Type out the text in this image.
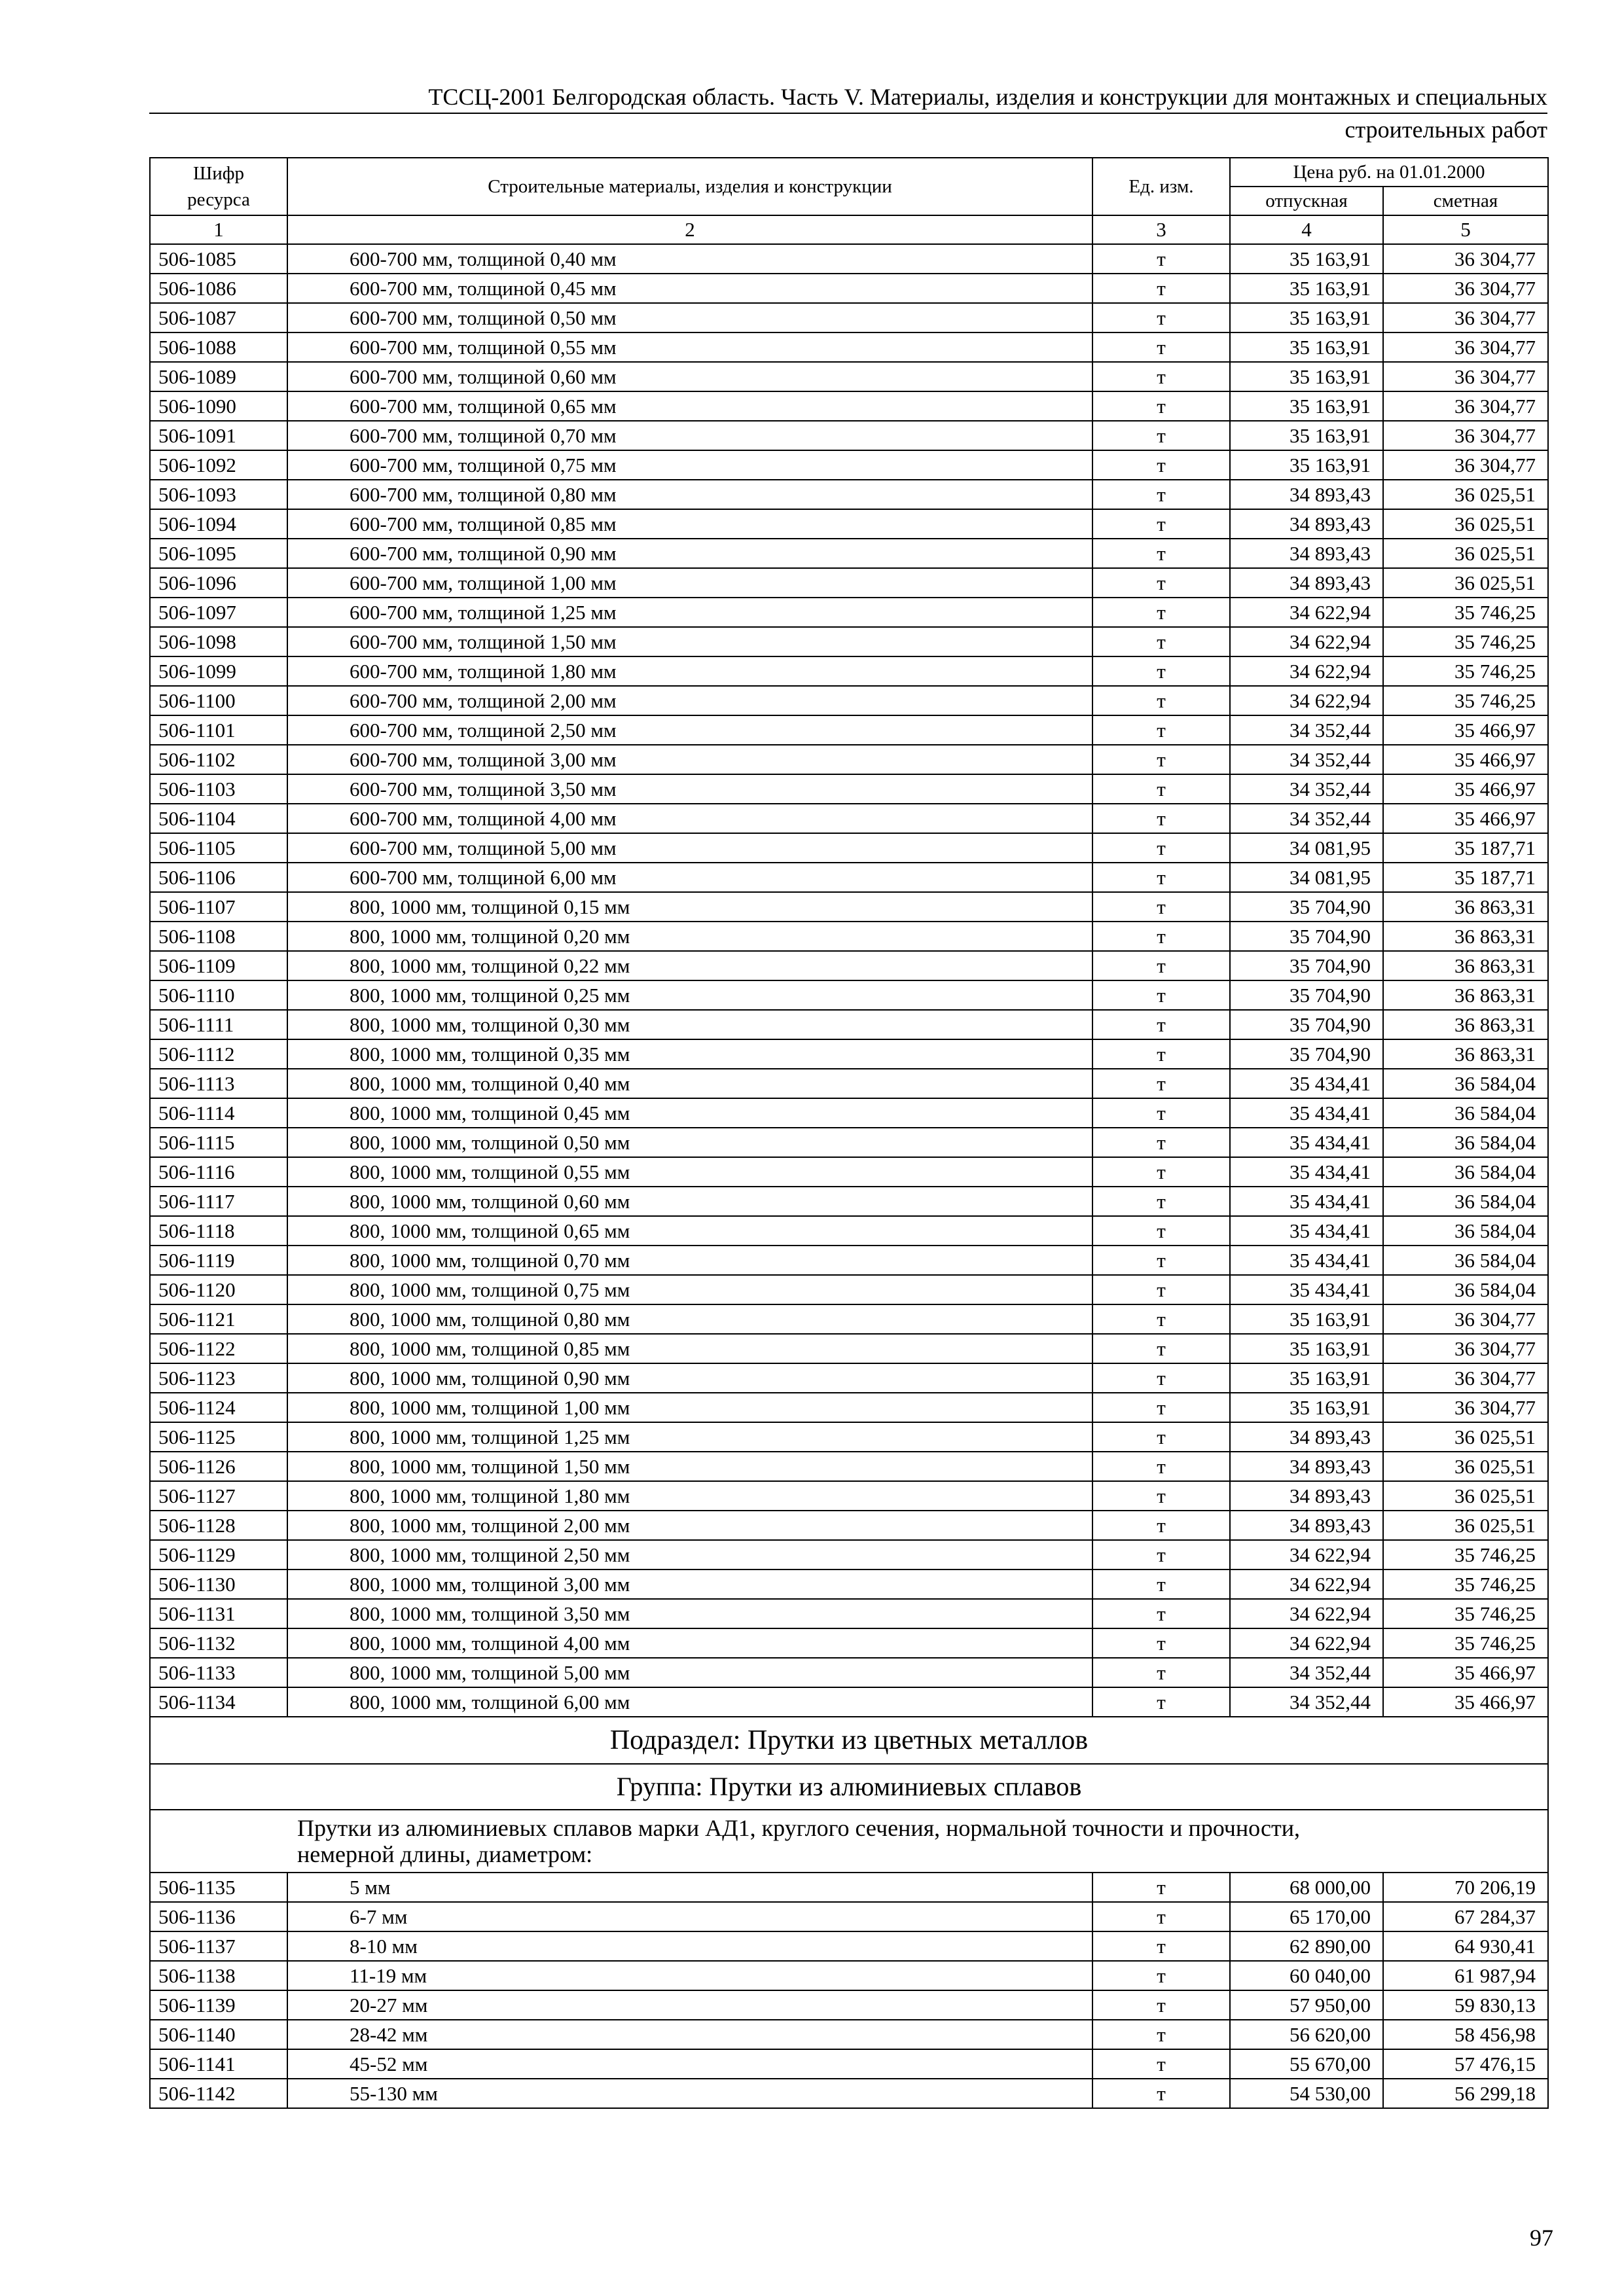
ТССЦ-2001 Белгородская область. Часть V. Материалы, изделия и конструкции для монтажных и специальных
строительных работ
Шифр ресурса	Строительные материалы, изделия и конструкции	Ед. изм.	Цена руб. на 01.01.2000	
			отпускная	сметная
1	2	3	4	5
506-1085	600-700 мм, толщиной 0,40 мм	т	35 163,91	36 304,77
506-1086	600-700 мм, толщиной 0,45 мм	т	35 163,91	36 304,77
506-1087	600-700 мм, толщиной 0,50 мм	т	35 163,91	36 304,77
506-1088	600-700 мм, толщиной 0,55 мм	т	35 163,91	36 304,77
506-1089	600-700 мм, толщиной 0,60 мм	т	35 163,91	36 304,77
506-1090	600-700 мм, толщиной 0,65 мм	т	35 163,91	36 304,77
506-1091	600-700 мм, толщиной 0,70 мм	т	35 163,91	36 304,77
506-1092	600-700 мм, толщиной 0,75 мм	т	35 163,91	36 304,77
506-1093	600-700 мм, толщиной 0,80 мм	т	34 893,43	36 025,51
506-1094	600-700 мм, толщиной 0,85 мм	т	34 893,43	36 025,51
506-1095	600-700 мм, толщиной 0,90 мм	т	34 893,43	36 025,51
506-1096	600-700 мм, толщиной 1,00 мм	т	34 893,43	36 025,51
506-1097	600-700 мм, толщиной 1,25 мм	т	34 622,94	35 746,25
506-1098	600-700 мм, толщиной 1,50 мм	т	34 622,94	35 746,25
506-1099	600-700 мм, толщиной 1,80 мм	т	34 622,94	35 746,25
506-1100	600-700 мм, толщиной 2,00 мм	т	34 622,94	35 746,25
506-1101	600-700 мм, толщиной 2,50 мм	т	34 352,44	35 466,97
506-1102	600-700 мм, толщиной 3,00 мм	т	34 352,44	35 466,97
506-1103	600-700 мм, толщиной 3,50 мм	т	34 352,44	35 466,97
506-1104	600-700 мм, толщиной 4,00 мм	т	34 352,44	35 466,97
506-1105	600-700 мм, толщиной 5,00 мм	т	34 081,95	35 187,71
506-1106	600-700 мм, толщиной 6,00 мм	т	34 081,95	35 187,71
506-1107	800, 1000 мм, толщиной 0,15 мм	т	35 704,90	36 863,31
506-1108	800, 1000 мм, толщиной 0,20 мм	т	35 704,90	36 863,31
506-1109	800, 1000 мм, толщиной 0,22 мм	т	35 704,90	36 863,31
506-1110	800, 1000 мм, толщиной 0,25 мм	т	35 704,90	36 863,31
506-1111	800, 1000 мм, толщиной 0,30 мм	т	35 704,90	36 863,31
506-1112	800, 1000 мм, толщиной 0,35 мм	т	35 704,90	36 863,31
506-1113	800, 1000 мм, толщиной 0,40 мм	т	35 434,41	36 584,04
506-1114	800, 1000 мм, толщиной 0,45 мм	т	35 434,41	36 584,04
506-1115	800, 1000 мм, толщиной 0,50 мм	т	35 434,41	36 584,04
506-1116	800, 1000 мм, толщиной 0,55 мм	т	35 434,41	36 584,04
506-1117	800, 1000 мм, толщиной 0,60 мм	т	35 434,41	36 584,04
506-1118	800, 1000 мм, толщиной 0,65 мм	т	35 434,41	36 584,04
506-1119	800, 1000 мм, толщиной 0,70 мм	т	35 434,41	36 584,04
506-1120	800, 1000 мм, толщиной 0,75 мм	т	35 434,41	36 584,04
506-1121	800, 1000 мм, толщиной 0,80 мм	т	35 163,91	36 304,77
506-1122	800, 1000 мм, толщиной 0,85 мм	т	35 163,91	36 304,77
506-1123	800, 1000 мм, толщиной 0,90 мм	т	35 163,91	36 304,77
506-1124	800, 1000 мм, толщиной 1,00 мм	т	35 163,91	36 304,77
506-1125	800, 1000 мм, толщиной 1,25 мм	т	34 893,43	36 025,51
506-1126	800, 1000 мм, толщиной 1,50 мм	т	34 893,43	36 025,51
506-1127	800, 1000 мм, толщиной 1,80 мм	т	34 893,43	36 025,51
506-1128	800, 1000 мм, толщиной 2,00 мм	т	34 893,43	36 025,51
506-1129	800, 1000 мм, толщиной 2,50 мм	т	34 622,94	35 746,25
506-1130	800, 1000 мм, толщиной 3,00 мм	т	34 622,94	35 746,25
506-1131	800, 1000 мм, толщиной 3,50 мм	т	34 622,94	35 746,25
506-1132	800, 1000 мм, толщиной 4,00 мм	т	34 622,94	35 746,25
506-1133	800, 1000 мм, толщиной 5,00 мм	т	34 352,44	35 466,97
506-1134	800, 1000 мм, толщиной 6,00 мм	т	34 352,44	35 466,97
Подраздел: Прутки из цветных металлов				
Группа: Прутки из алюминиевых сплавов				

Прутки из алюминиевых сплавов марки АД1, круглого сечения, нормальной точности и прочности,
немерной длины, диаметром:				

506-1135	5 мм	т	68 000,00	70 206,19
506-1136	6-7 мм	т	65 170,00	67 284,37
506-1137	8-10 мм	т	62 890,00	64 930,41
506-1138	11-19 мм	т	60 040,00	61 987,94
506-1139	20-27 мм	т	57 950,00	59 830,13
506-1140	28-42 мм	т	56 620,00	58 456,98
506-1141	45-52 мм	т	55 670,00	57 476,15
506-1142	55-130 мм	т	54 530,00	56 299,18
97
